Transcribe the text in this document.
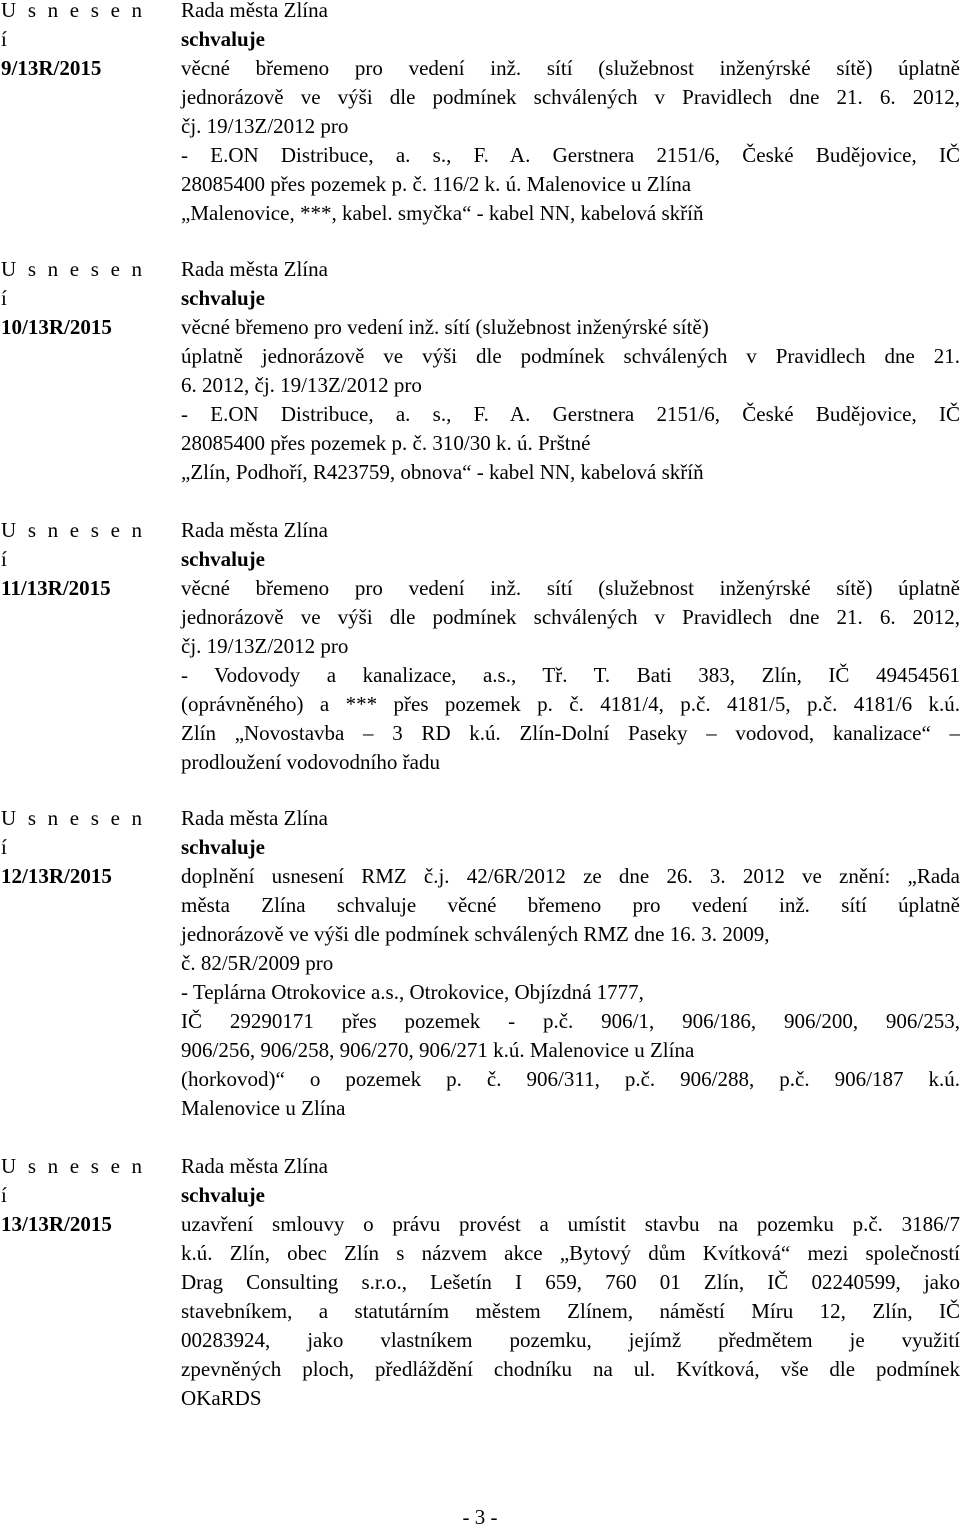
U s n e s e n í
9/13R/2015
Rada města Zlína
schvaluje
věcné břemeno pro vedení inž. sítí (služebnost inženýrské sítě) úplatně
jednorázově ve výši dle podmínek schválených v Pravidlech dne 21. 6. 2012,
čj. 19/13Z/2012 pro
- E.ON Distribuce, a. s., F. A. Gerstnera 2151/6, České Budějovice, IČ
28085400 přes pozemek p. č. 116/2 k. ú. Malenovice u Zlína
„Malenovice, ***, kabel. smyčka“ - kabel NN, kabelová skříň
U s n e s e n í
10/13R/2015
Rada města Zlína
schvaluje
věcné břemeno pro vedení inž. sítí (služebnost inženýrské sítě)
úplatně jednorázově ve výši dle podmínek schválených v Pravidlech dne 21.
6. 2012, čj. 19/13Z/2012 pro
- E.ON Distribuce, a. s., F. A. Gerstnera 2151/6, České Budějovice, IČ
28085400 přes pozemek p. č. 310/30 k. ú. Prštné
„Zlín, Podhoří, R423759, obnova“ - kabel NN, kabelová skříň
U s n e s e n í
11/13R/2015
Rada města Zlína
schvaluje
věcné břemeno pro vedení inž. sítí (služebnost inženýrské sítě) úplatně
jednorázově ve výši dle podmínek schválených v Pravidlech dne 21. 6. 2012,
čj. 19/13Z/2012 pro
- Vodovody a kanalizace, a.s., Tř. T. Bati 383, Zlín, IČ 49454561
(oprávněného) a *** přes pozemek p. č. 4181/4, p.č. 4181/5, p.č. 4181/6 k.ú.
Zlín „Novostavba – 3 RD k.ú. Zlín-Dolní Paseky – vodovod, kanalizace“ –
prodloužení vodovodního řadu
U s n e s e n í
12/13R/2015
Rada města Zlína
schvaluje
doplnění usnesení RMZ č.j. 42/6R/2012 ze dne 26. 3. 2012 ve znění: „Rada
města Zlína schvaluje věcné břemeno pro vedení inž. sítí úplatně
jednorázově ve výši dle podmínek schválených RMZ dne 16. 3. 2009,
č. 82/5R/2009 pro
- Teplárna Otrokovice a.s., Otrokovice, Objízdná 1777,
IČ 29290171 přes pozemek - p.č. 906/1, 906/186, 906/200, 906/253,
906/256, 906/258, 906/270, 906/271 k.ú. Malenovice u Zlína
(horkovod)“ o pozemek p. č. 906/311, p.č. 906/288, p.č. 906/187 k.ú.
Malenovice u Zlína
U s n e s e n í
13/13R/2015
Rada města Zlína
schvaluje
uzavření smlouvy o právu provést a umístit stavbu na pozemku p.č. 3186/7
k.ú. Zlín, obec Zlín s názvem akce „Bytový dům Kvítková“ mezi společností
Drag Consulting s.r.o., Lešetín I 659, 760 01 Zlín, IČ 02240599, jako
stavebníkem, a statutárním městem Zlínem, náměstí Míru 12, Zlín, IČ
00283924, jako vlastníkem pozemku, jejímž předmětem je využití
zpevněných ploch, předláždění chodníku na ul. Kvítková, vše dle podmínek
OKaRDS
- 3 -
